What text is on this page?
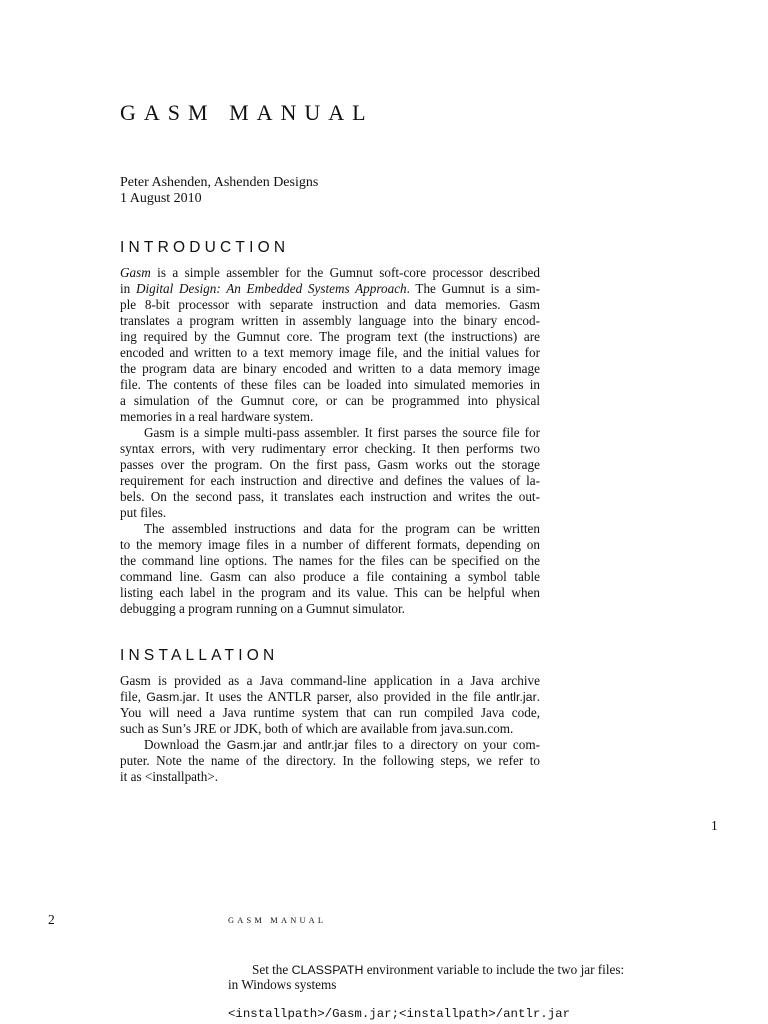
GASM MANUAL
Peter Ashenden, Ashenden Designs
1 August 2010
INTRODUCTION
Gasm is a simple assembler for the Gumnut soft-core processor described
in Digital Design: An Embedded Systems Approach. The Gumnut is a sim-
ple 8-bit processor with separate instruction and data memories. Gasm
translates a program written in assembly language into the binary encod-
ing required by the Gumnut core. The program text (the instructions) are
encoded and written to a text memory image file, and the initial values for
the program data are binary encoded and written to a data memory image
file. The contents of these files can be loaded into simulated memories in
a simulation of the Gumnut core, or can be programmed into physical
memories in a real hardware system.
Gasm is a simple multi-pass assembler. It first parses the source file for
syntax errors, with very rudimentary error checking. It then performs two
passes over the program. On the first pass, Gasm works out the storage
requirement for each instruction and directive and defines the values of la-
bels. On the second pass, it translates each instruction and writes the out-
put files.
The assembled instructions and data for the program can be written
to the memory image files in a number of different formats, depending on
the command line options. The names for the files can be specified on the
command line. Gasm can also produce a file containing a symbol table
listing each label in the program and its value. This can be helpful when
debugging a program running on a Gumnut simulator.
INSTALLATION
Gasm is provided as a Java command-line application in a Java archive
file, Gasm.jar. It uses the ANTLR parser, also provided in the file antlr.jar.
You will need a Java runtime system that can run compiled Java code,
such as Sun’s JRE or JDK, both of which are available from java.sun.com.
Download the Gasm.jar and antlr.jar files to a directory on your com-
puter. Note the name of the directory. In the following steps, we refer to
it as <installpath>.
1
2	GASM MANUAL
Set the CLASSPATH environment variable to include the two jar files:
in Windows systems
<installpath>/Gasm.jar;<installpath>/antlr.jar
